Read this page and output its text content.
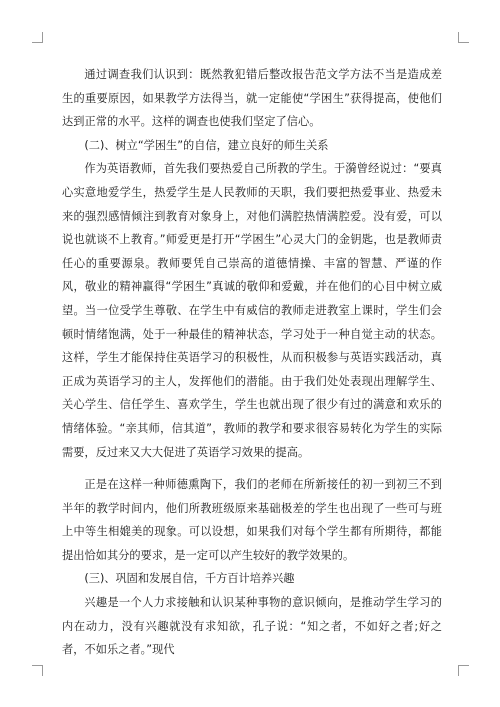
通过调查我们认识到：既然教犯错后整改报告范文学方法不当是造成差生的重要原因，如果教学方法得当，就一定能使“学困生”获得提高，使他们达到正常的水平。这样的调查也使我们坚定了信心。

(二)、树立“学困生”的自信，建立良好的师生关系

作为英语教师，首先我们要热爱自己所教的学生。于漪曾经说过：“要真心实意地爱学生，热爱学生是人民教师的天职，我们要把热爱事业、热爱未来的强烈感情倾注到教育对象身上，对他们满腔热情满腔爱。没有爱，可以说也就谈不上教育。”师爱更是打开“学困生”心灵大门的金钥匙，也是教师责任心的重要源泉。教师要凭自己崇高的道德情操、丰富的智慧、严谨的作风，敬业的精神赢得“学困生”真诚的敬仰和爱戴，并在他们的心目中树立威望。当一位受学生尊敬、在学生中有威信的教师走进教室上课时，学生们会顿时情绪饱满，处于一种最佳的精神状态，学习处于一种自觉主动的状态。这样，学生才能保持住英语学习的积极性，从而积极参与英语实践活动，真正成为英语学习的主人，发挥他们的潜能。由于我们处处表现出理解学生、关心学生、信任学生、喜欢学生，学生也就出现了很少有过的满意和欢乐的情绪体验。“亲其师，信其道”，教师的教学和要求很容易转化为学生的实际需要，反过来又大大促进了英语学习效果的提高。

正是在这样一种师德熏陶下，我们的老师在所新接任的初一到初三不到半年的教学时间内，他们所教班级原来基础极差的学生也出现了一些可与班上中等生相媲美的现象。可以设想，如果我们对每个学生都有所期待，都能提出恰如其分的要求，是一定可以产生较好的教学效果的。

(三)、巩固和发展自信，千方百计培养兴趣

兴趣是一个人力求接触和认识某种事物的意识倾向，是推动学生学习的内在动力，没有兴趣就没有求知欲，孔子说：“知之者，不如好之者;好之者，不如乐之者。”现代
